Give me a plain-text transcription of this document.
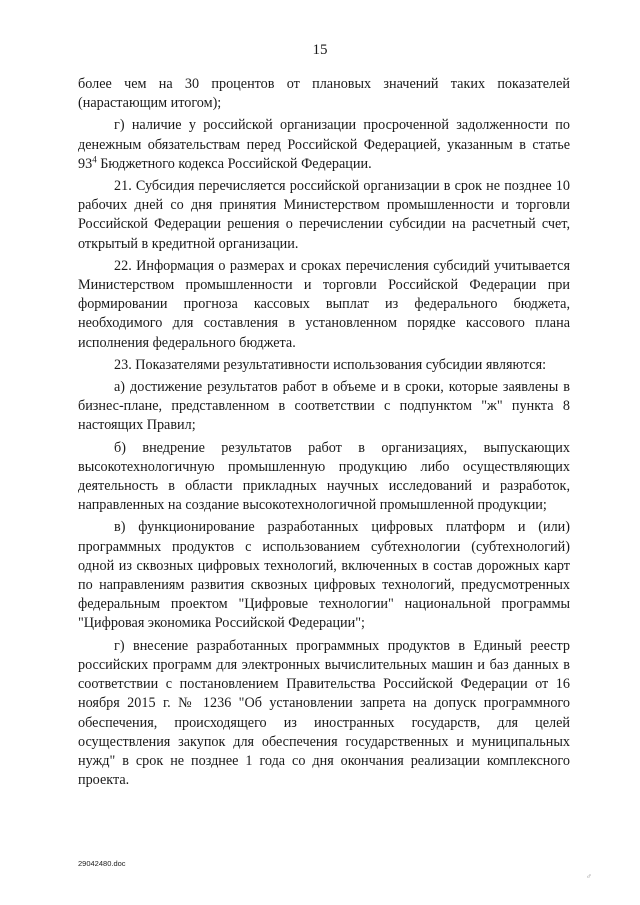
15

более чем на 30 процентов от плановых значений таких показателей (нарастающим итогом);

г) наличие у российской организации просроченной задолженности по денежным обязательствам перед Российской Федерацией, указанным в статье $93^4$ Бюджетного кодекса Российской Федерации.

21. Субсидия перечисляется российской организации в срок не позднее 10 рабочих дней со дня принятия Министерством промышленности и торговли Российской Федерации решения о перечислении субсидии на расчетный счет, открытый в кредитной организации.

22. Информация о размерах и сроках перечисления субсидий учитывается Министерством промышленности и торговли Российской Федерации при формировании прогноза кассовых выплат из федерального бюджета, необходимого для составления в установленном порядке кассового плана исполнения федерального бюджета.

23. Показателями результативности использования субсидии являются:

а) достижение результатов работ в объеме и в сроки, которые заявлены в бизнес-плане, представленном в соответствии с подпунктом "ж" пункта 8 настоящих Правил;

б) внедрение результатов работ в организациях, выпускающих высокотехнологичную промышленную продукцию либо осуществляющих деятельность в области прикладных научных исследований и разработок, направленных на создание высокотехнологичной промышленной продукции;

в) функционирование разработанных цифровых платформ и (или) программных продуктов с использованием субтехнологии (субтехнологий) одной из сквозных цифровых технологий, включенных в состав дорожных карт по направлениям развития сквозных цифровых технологий, предусмотренных федеральным проектом "Цифровые технологии" национальной программы "Цифровая экономика Российской Федерации";

г) внесение разработанных программных продуктов в Единый реестр российских программ для электронных вычислительных машин и баз данных в соответствии с постановлением Правительства Российской Федерации от 16 ноября 2015 г. № 1236 "Об установлении запрета на допуск программного обеспечения, происходящего из иностранных государств, для целей осуществления закупок для обеспечения государственных и муниципальных нужд" в срок не позднее 1 года со дня окончания реализации комплексного проекта.

29042480.doc
♂
